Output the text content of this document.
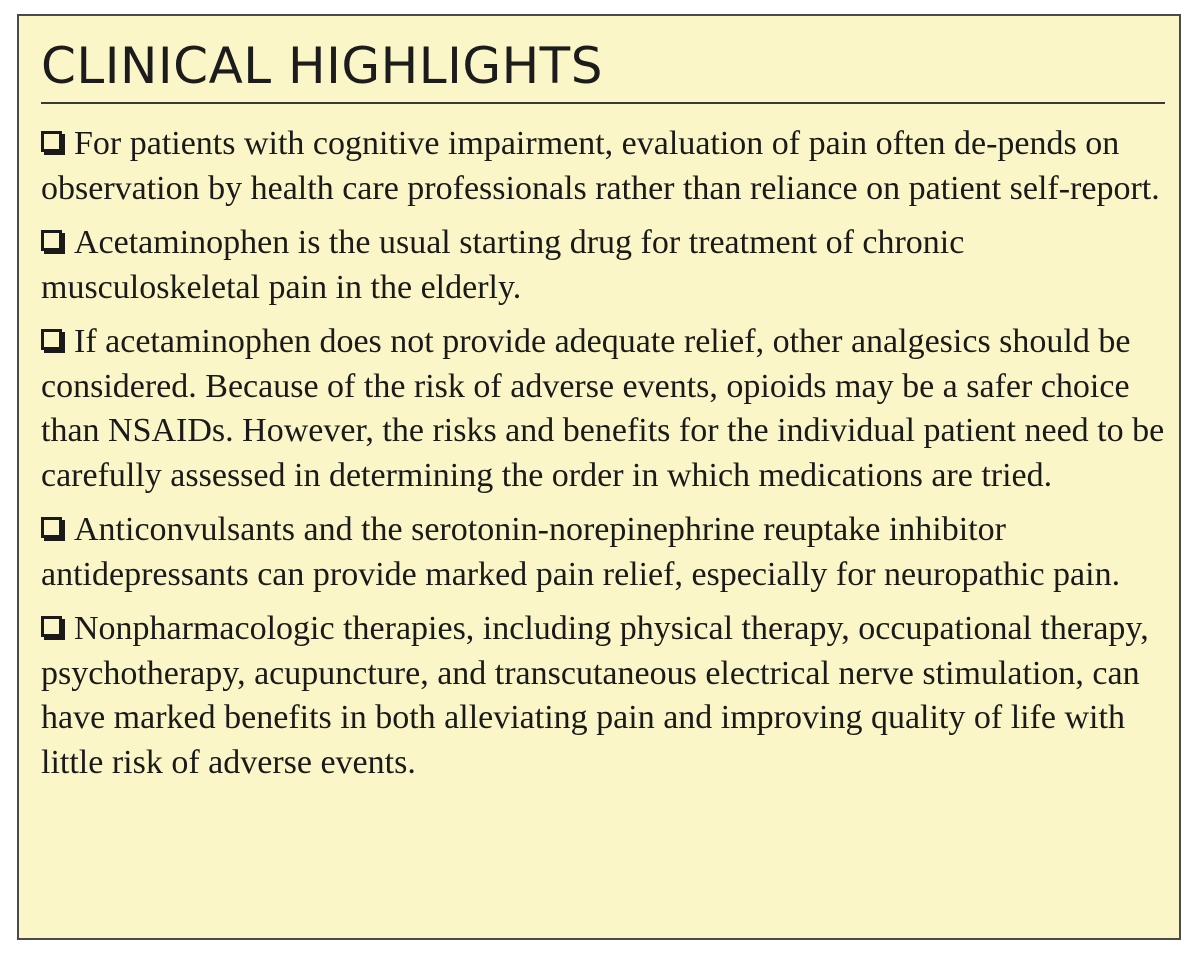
CLINICAL HIGHLIGHTS
For patients with cognitive impairment, evaluation of pain often de-pends on observation by health care professionals rather than reliance on patient self-report.
Acetaminophen is the usual starting drug for treatment of chronic musculoskeletal pain in the elderly.
If acetaminophen does not provide adequate relief, other analgesics should be considered. Because of the risk of adverse events, opioids may be a safer choice than NSAIDs. However, the risks and benefits for the individual patient need to be carefully assessed in determining the order in which medications are tried.
Anticonvulsants and the serotonin-norepinephrine reuptake inhibitor antidepressants can provide marked pain relief, especially for neuropathic pain.
Nonpharmacologic therapies, including physical therapy, occupational therapy, psychotherapy, acupuncture, and transcutaneous electrical nerve stimulation, can have marked benefits in both alleviating pain and improving quality of life with little risk of adverse events.
